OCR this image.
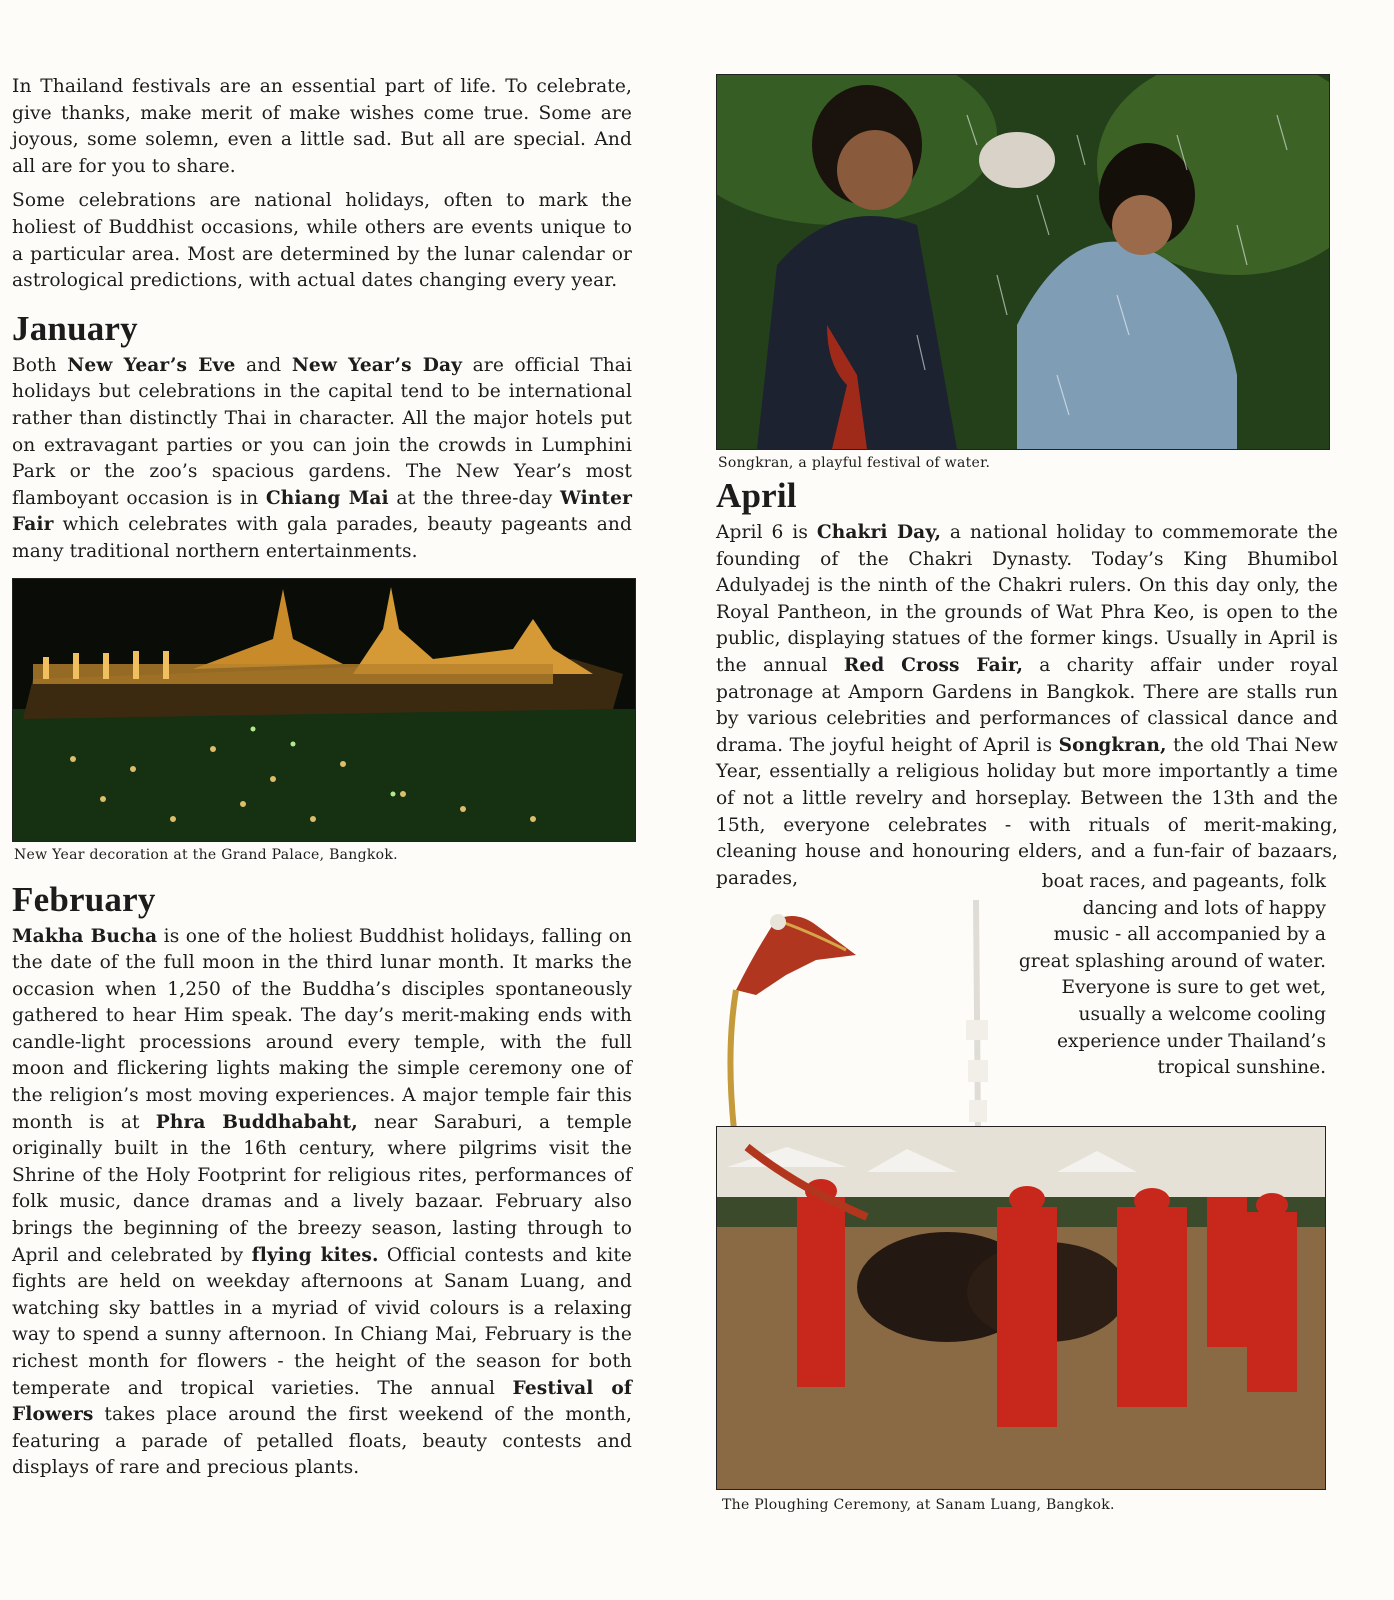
In Thailand festivals are an essential part of life. To celebrate, give thanks, make merit of make wishes come true. Some are joyous, some solemn, even a little sad. But all are special. And all are for you to share.

Some celebrations are national holidays, often to mark the holiest of Buddhist occasions, while others are events unique to a particular area. Most are determined by the lunar calendar or astrological predictions, with actual dates changing every year.

January

Both New Year’s Eve and New Year’s Day are official Thai holidays but celebrations in the capital tend to be international rather than distinctly Thai in character. All the major hotels put on extravagant parties or you can join the crowds in Lumphini Park or the zoo’s spacious gardens. The New Year’s most flamboyant occasion is in Chiang Mai at the three-day Winter Fair which celebrates with gala parades, beauty pageants and many traditional northern entertainments.

New Year decoration at the Grand Palace, Bangkok.
February

Makha Bucha is one of the holiest Buddhist holidays, falling on the date of the full moon in the third lunar month. It marks the occasion when 1,250 of the Buddha’s disciples spontaneously gathered to hear Him speak. The day’s merit-making ends with candle-light processions around every temple, with the full moon and flickering lights making the simple ceremony one of the religion’s most moving experiences. A major temple fair this month is at Phra Buddhabaht, near Saraburi, a temple originally built in the 16th century, where pilgrims visit the Shrine of the Holy Footprint for religious rites, performances of folk music, dance dramas and a lively bazaar. February also brings the beginning of the breezy season, lasting through to April and celebrated by flying kites. Official contests and kite fights are held on weekday afternoons at Sanam Luang, and watching sky battles in a myriad of vivid colours is a relaxing way to spend a sunny afternoon. In Chiang Mai, February is the richest month for flowers - the height of the season for both temperate and tropical varieties. The annual Festival of Flowers takes place around the first weekend of the month, featuring a parade of petalled floats, beauty contests and displays of rare and precious plants.

Songkran, a playful festival of water.
April

April 6 is Chakri Day, a national holiday to commemorate the founding of the Chakri Dynasty. Today’s King Bhumibol Adulyadej is the ninth of the Chakri rulers. On this day only, the Royal Pantheon, in the grounds of Wat Phra Keo, is open to the public, displaying statues of the former kings. Usually in April is the annual Red Cross Fair, a charity affair under royal patronage at Amporn Gardens in Bangkok. There are stalls run by various celebrities and performances of classical dance and drama. The joyful height of April is Songkran, the old Thai New Year, essentially a religious holiday but more importantly a time of not a little revelry and horseplay. Between the 13th and the 15th, everyone celebrates - with rituals of merit-making, cleaning house and honouring elders, and a fun-fair of bazaars, parades,	boat races, and pageants, folk

dancing and lots of happy

music - all accompanied by a

great splashing around of water.

Everyone is sure to get wet,

usually a welcome cooling

experience under Thailand’s

tropical sunshine.

The Ploughing Ceremony, at Sanam Luang, Bangkok.
